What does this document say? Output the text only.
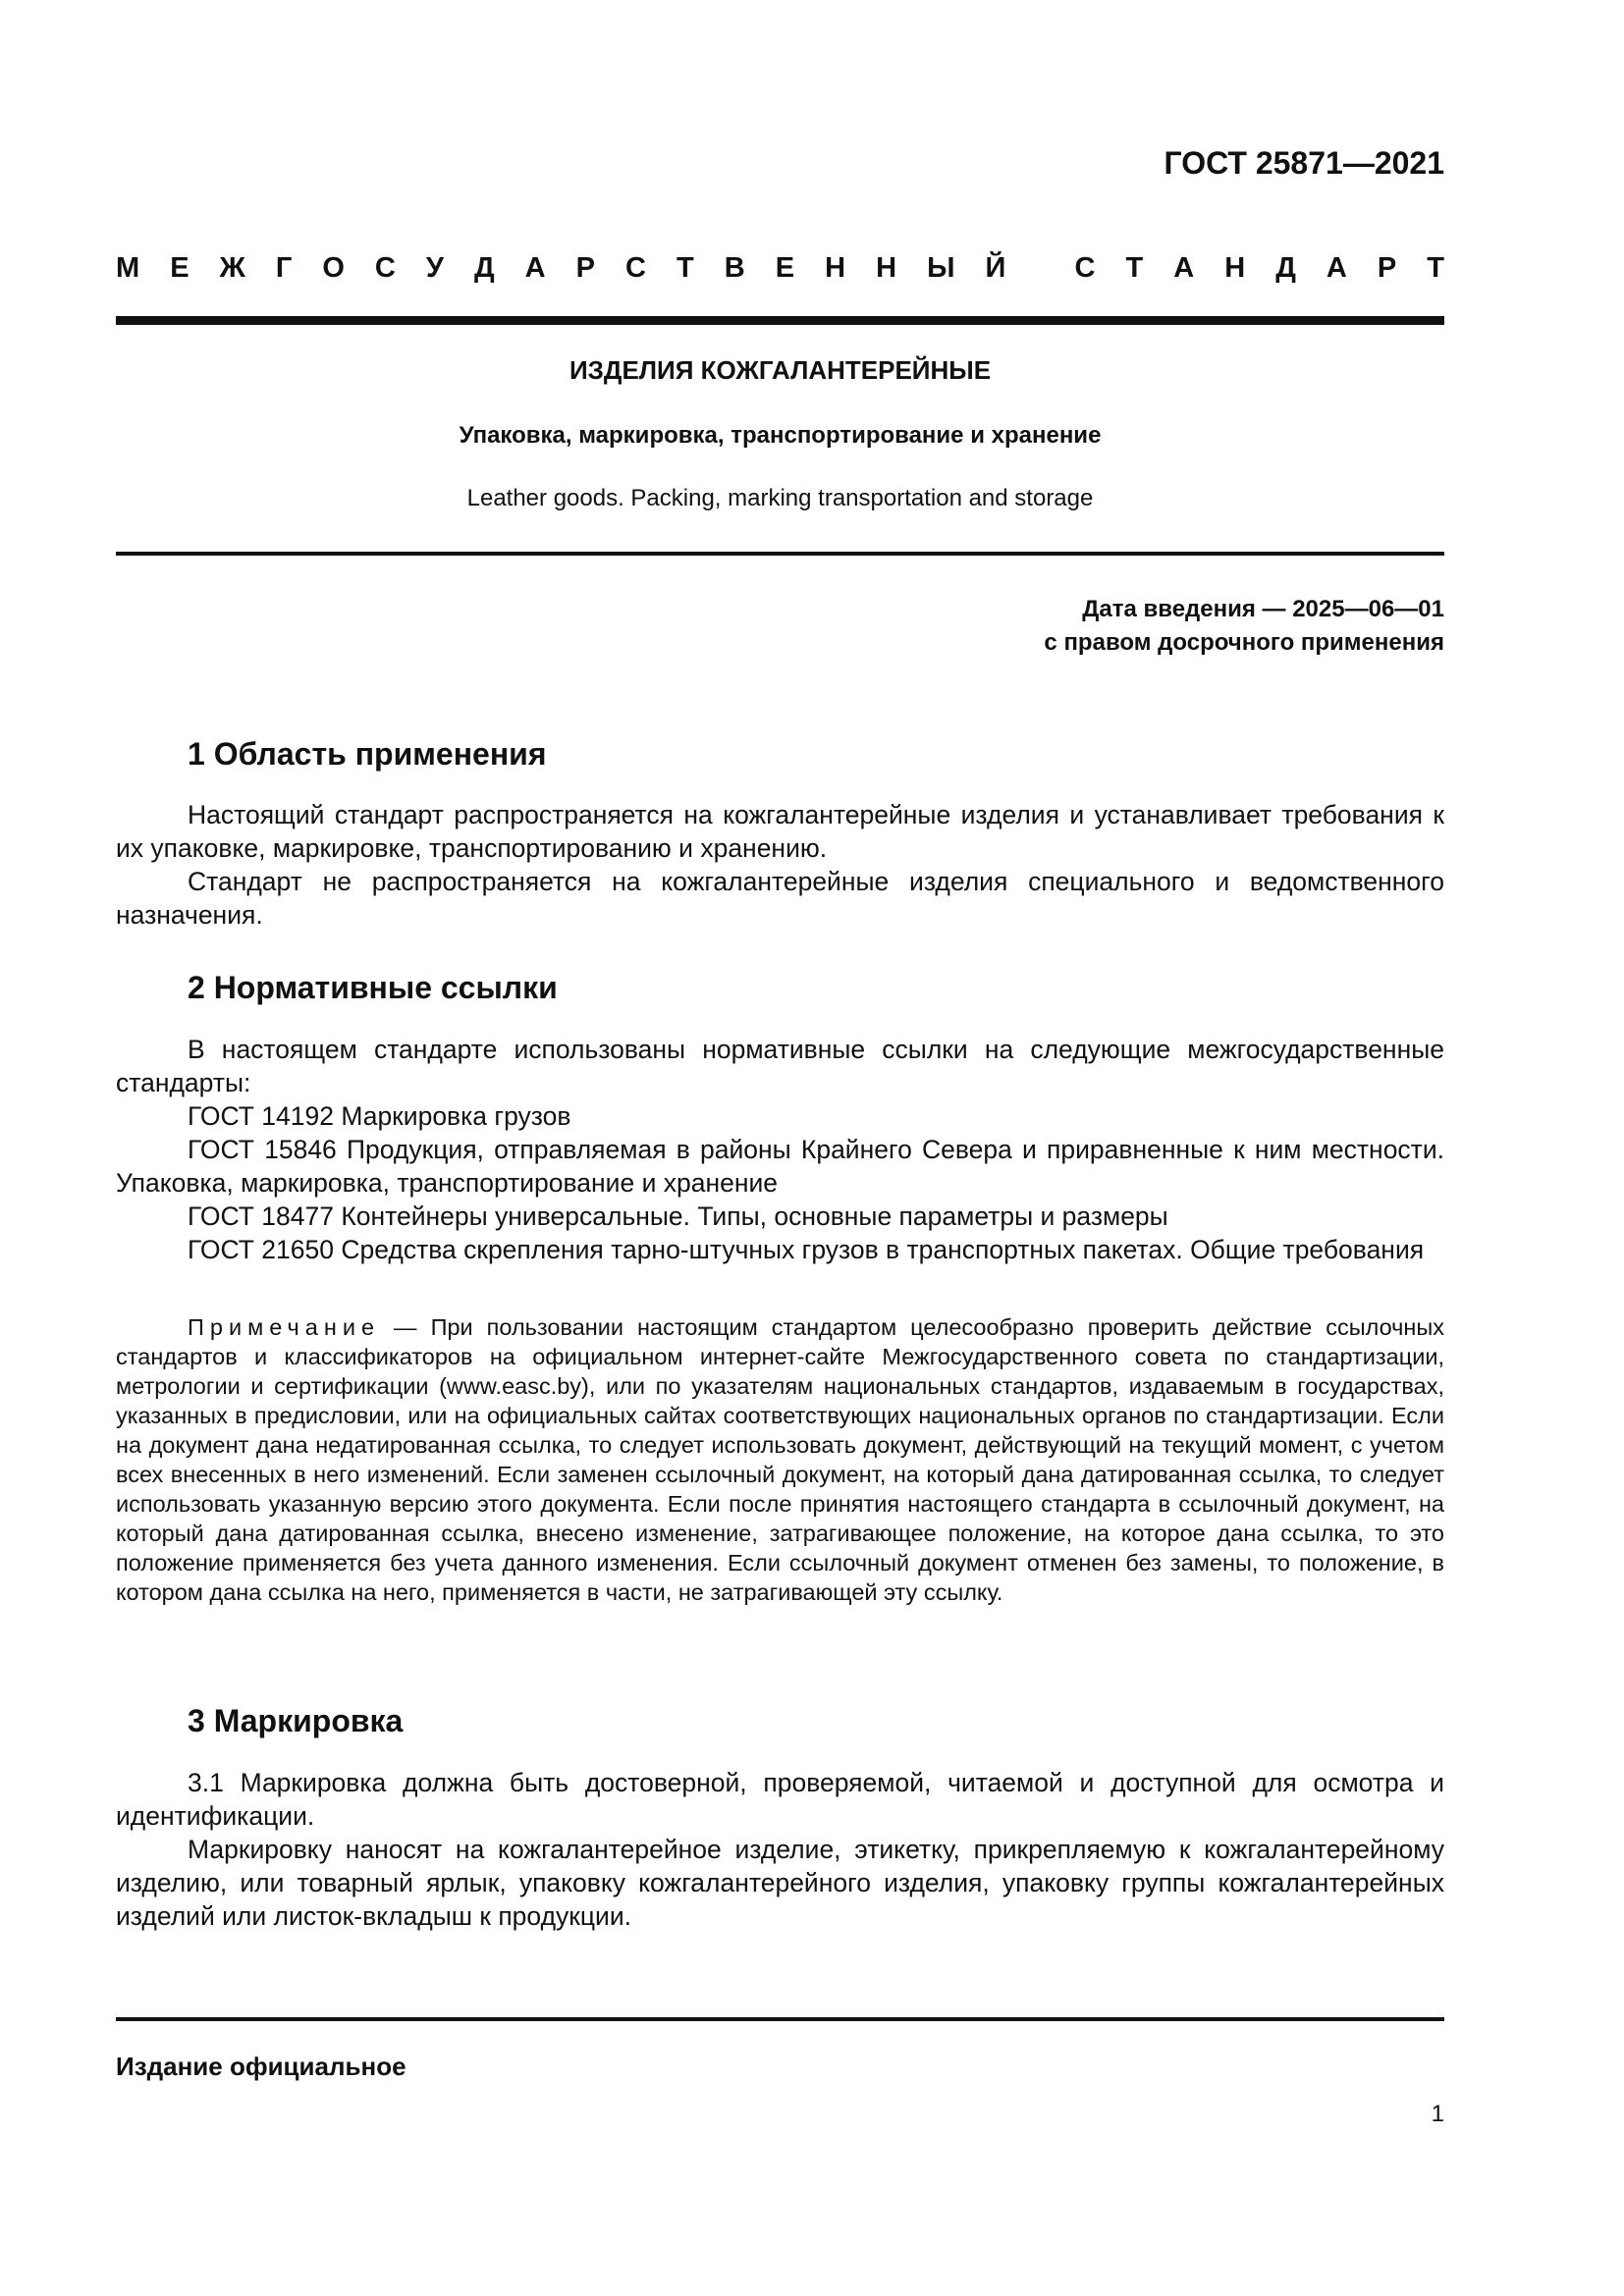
ГОСТ 25871—2021
М Е Ж Г О С У Д А Р С Т В Е Н Н Ы Й
С Т А Н Д А Р Т
ИЗДЕЛИЯ КОЖГАЛАНТЕРЕЙНЫЕ
Упаковка, маркировка, транспортирование и хранение
Leather goods. Packing, marking transportation and storage
Дата введения — 2025—06—01
с правом досрочного применения
1 Область применения
Настоящий стандарт распространяется на кожгалантерейные изделия и устанавливает требования к их упаковке, маркировке, транспортированию и хранению.
Стандарт не распространяется на кожгалантерейные изделия специального и ведомственного назначения.
2 Нормативные ссылки
В настоящем стандарте использованы нормативные ссылки на следующие межгосударственные стандарты:
ГОСТ 14192 Маркировка грузов
ГОСТ 15846 Продукция, отправляемая в районы Крайнего Севера и приравненные к ним местности. Упаковка, маркировка, транспортирование и хранение
ГОСТ 18477 Контейнеры универсальные. Типы, основные параметры и размеры
ГОСТ 21650 Средства скрепления тарно-штучных грузов в транспортных пакетах. Общие требования
Примечание — При пользовании настоящим стандартом целесообразно проверить действие ссылочных стандартов и классификаторов на официальном интернет-сайте Межгосударственного совета по стандартизации, метрологии и сертификации (www.easc.by), или по указателям национальных стандартов, издаваемым в государствах, указанных в предисловии, или на официальных сайтах соответствующих национальных органов по стандартизации. Если на документ дана недатированная ссылка, то следует использовать документ, действующий на текущий момент, с учетом всех внесенных в него изменений. Если заменен ссылочный документ, на который дана датированная ссылка, то следует использовать указанную версию этого документа. Если после принятия настоящего стандарта в ссылочный документ, на который дана датированная ссылка, внесено изменение, затрагивающее положение, на которое дана ссылка, то это положение применяется без учета данного изменения. Если ссылочный документ отменен без замены, то положение, в котором дана ссылка на него, применяется в части, не затрагивающей эту ссылку.
3 Маркировка
3.1 Маркировка должна быть достоверной, проверяемой, читаемой и доступной для осмотра и идентификации.
Маркировку наносят на кожгалантерейное изделие, этикетку, прикрепляемую к кожгалантерейному изделию, или товарный ярлык, упаковку кожгалантерейного изделия, упаковку группы кожгалантерейных изделий или листок-вкладыш к продукции.
Издание официальное
1
